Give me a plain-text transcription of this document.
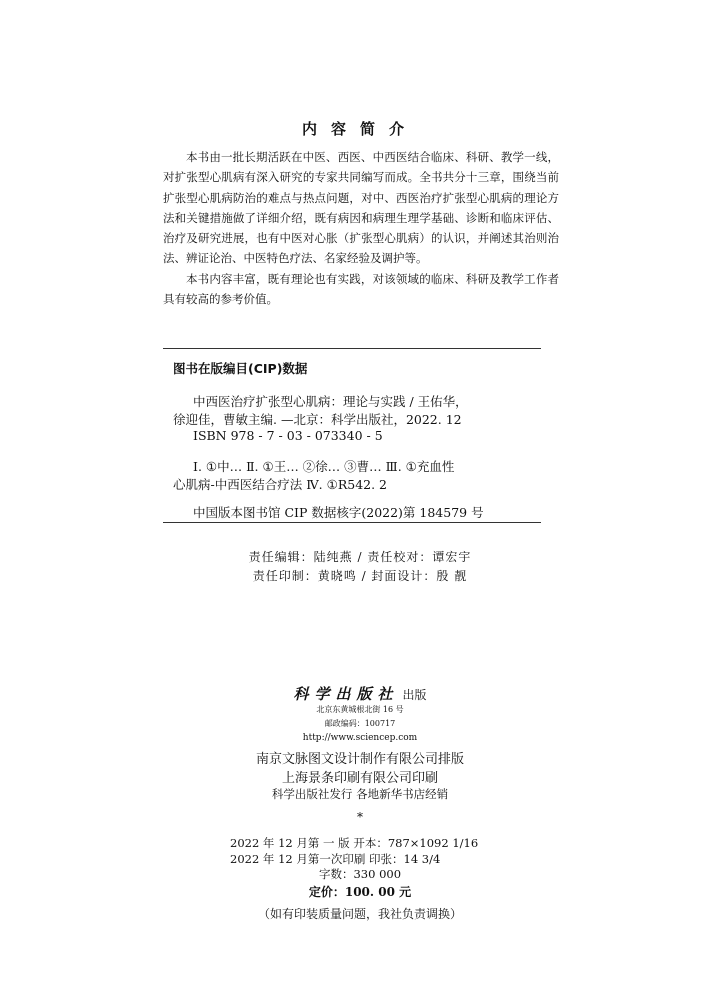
内容简介

本书由一批长期活跃在中医、西医、中西医结合临床、科研、教学一线，对扩张型心肌病有深入研究的专家共同编写而成。全书共分十三章，围绕当前扩张型心肌病防治的难点与热点问题，对中、西医治疗扩张型心肌病的理论方法和关键措施做了详细介绍，既有病因和病理生理学基础、诊断和临床评估、治疗及研究进展，也有中医对心胀（扩张型心肌病）的认识，并阐述其治则治法、辨证论治、中医特色疗法、名家经验及调护等。

本书内容丰富，既有理论也有实践，对该领域的临床、科研及教学工作者具有较高的参考价值。

图书在版编目(CIP)数据
中西医治疗扩张型心肌病：理论与实践 / 王佑华，
徐迎佳，曹敏主编. —北京：科学出版社，2022. 12
ISBN 978 - 7 - 03 - 073340 - 5
Ⅰ. ①中… Ⅱ. ①王… ②徐… ③曹… Ⅲ. ①充血性
心肌病-中西医结合疗法 Ⅳ. ①R542. 2
中国版本图书馆 CIP 数据核字(2022)第 184579 号
责任编辑：陆纯燕 / 责任校对：谭宏宇
责任印制：黄晓鸣 / 封面设计：殷 靓
科学出版社 出版
北京东黄城根北街 16 号
邮政编码：100717
http://www.sciencep.com
南京文脉图文设计制作有限公司排版
上海景条印刷有限公司印刷
科学出版社发行 各地新华书店经销
*
2022 年 12 月第 一 版 开本：787×1092 1/16
2022 年 12 月第一次印刷 印张：14 3/4
字数：330 000
定价：100. 00 元
（如有印装质量问题，我社负责调换）
